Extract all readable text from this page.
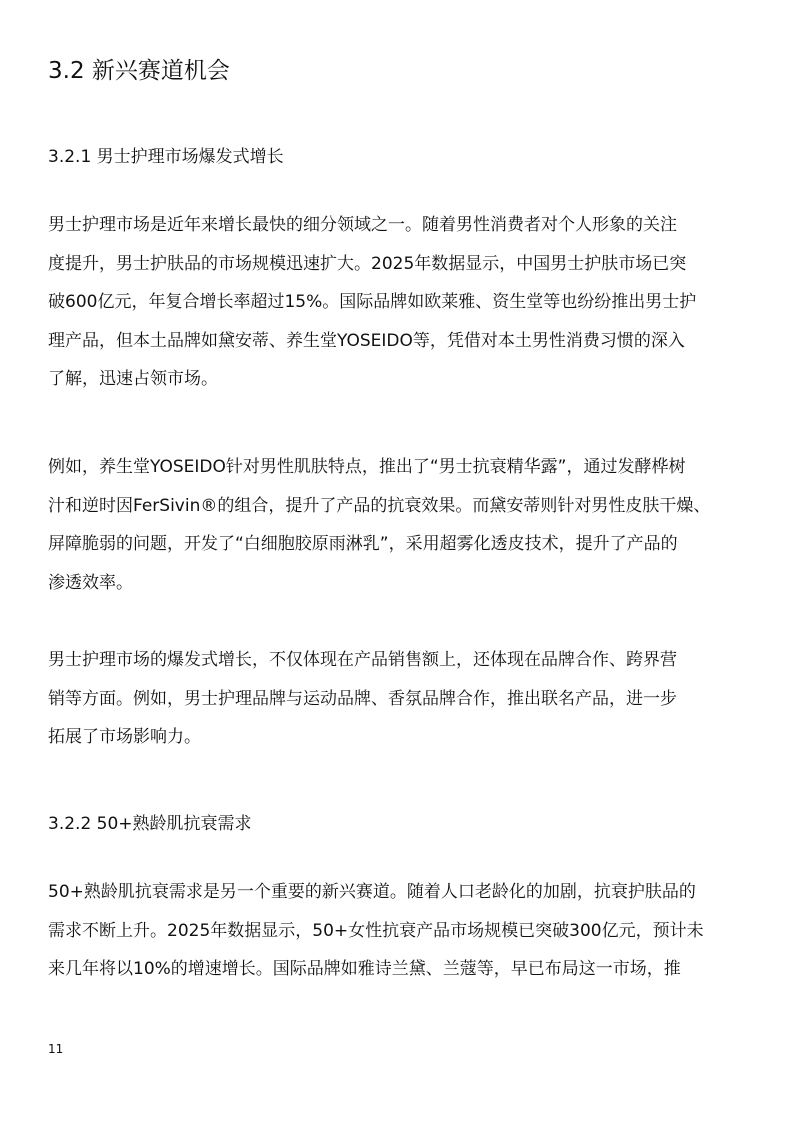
3.2 新兴赛道机会
3.2.1 男士护理市场爆发式增长

男士护理市场是近年来增长最快的细分领域之一。随着男性消费者对个人形象的关注
度提升，男士护肤品的市场规模迅速扩大。2025年数据显示，中国男士护肤市场已突
破600亿元，年复合增长率超过15%。国际品牌如欧莱雅、资生堂等也纷纷推出男士护
理产品，但本土品牌如黛安蒂、养生堂YOSEIDO等，凭借对本土男性消费习惯的深入
了解，迅速占领市场。

例如，养生堂YOSEIDO针对男性肌肤特点，推出了“男士抗衰精华露”，通过发酵桦树
汁和逆时因FerSivin®的组合，提升了产品的抗衰效果。而黛安蒂则针对男性皮肤干燥、
屏障脆弱的问题，开发了“白细胞胶原雨淋乳”，采用超雾化透皮技术，提升了产品的
渗透效率。

男士护理市场的爆发式增长，不仅体现在产品销售额上，还体现在品牌合作、跨界营
销等方面。例如，男士护理品牌与运动品牌、香氛品牌合作，推出联名产品，进一步
拓展了市场影响力。

3.2.2 50+熟龄肌抗衰需求

50+熟龄肌抗衰需求是另一个重要的新兴赛道。随着人口老龄化的加剧，抗衰护肤品的
需求不断上升。2025年数据显示，50+女性抗衰产品市场规模已突破300亿元，预计未
来几年将以10%的增速增长。国际品牌如雅诗兰黛、兰蔻等，早已布局这一市场，推

11
